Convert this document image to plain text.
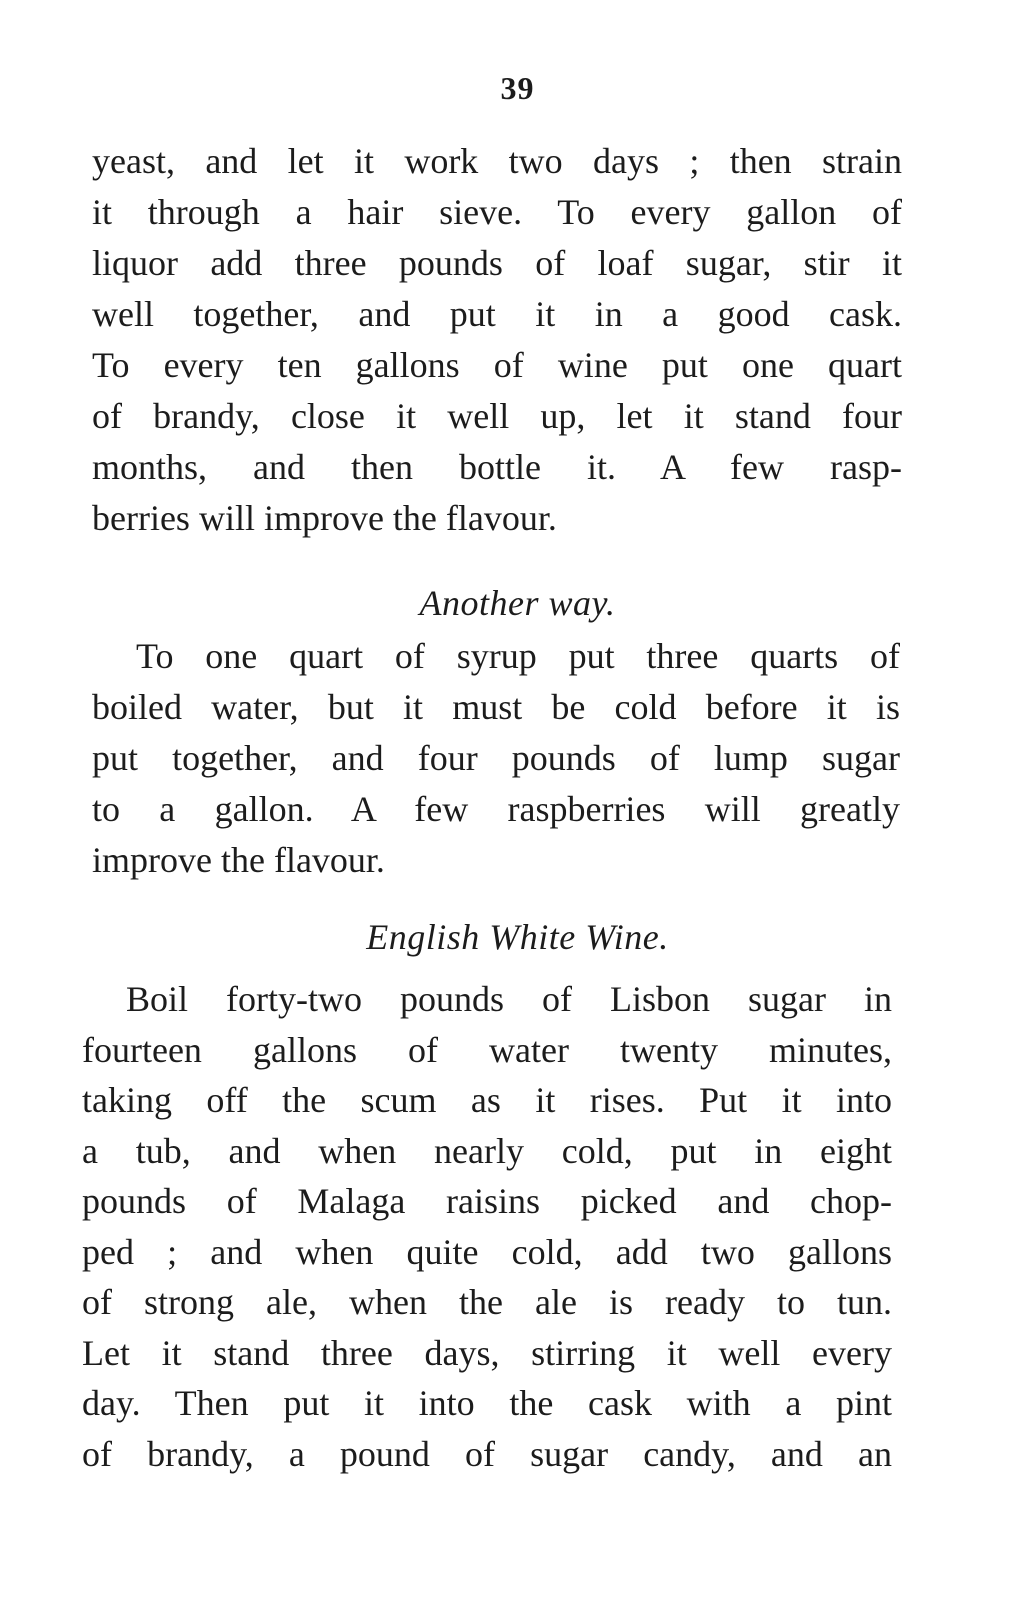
39
yeast, and let it work two days ; then strain
it through a hair sieve. To every gallon of
liquor add three pounds of loaf sugar, stir it
well together, and put it in a good cask.
To every ten gallons of wine put one quart
of brandy, close it well up, let it stand four
months, and then bottle it. A few rasp-
berries will improve the flavour.
Another way.
To one quart of syrup put three quarts of
boiled water, but it must be cold before it is
put together, and four pounds of lump sugar
to a gallon. A few raspberries will greatly
improve the flavour.
English White Wine.
Boil forty-two pounds of Lisbon sugar in
fourteen gallons of water twenty minutes,
taking off the scum as it rises. Put it into
a tub, and when nearly cold, put in eight
pounds of Malaga raisins picked and chop-
ped ; and when quite cold, add two gallons
of strong ale, when the ale is ready to tun.
Let it stand three days, stirring it well every
day. Then put it into the cask with a pint
of brandy, a pound of sugar candy, and an
